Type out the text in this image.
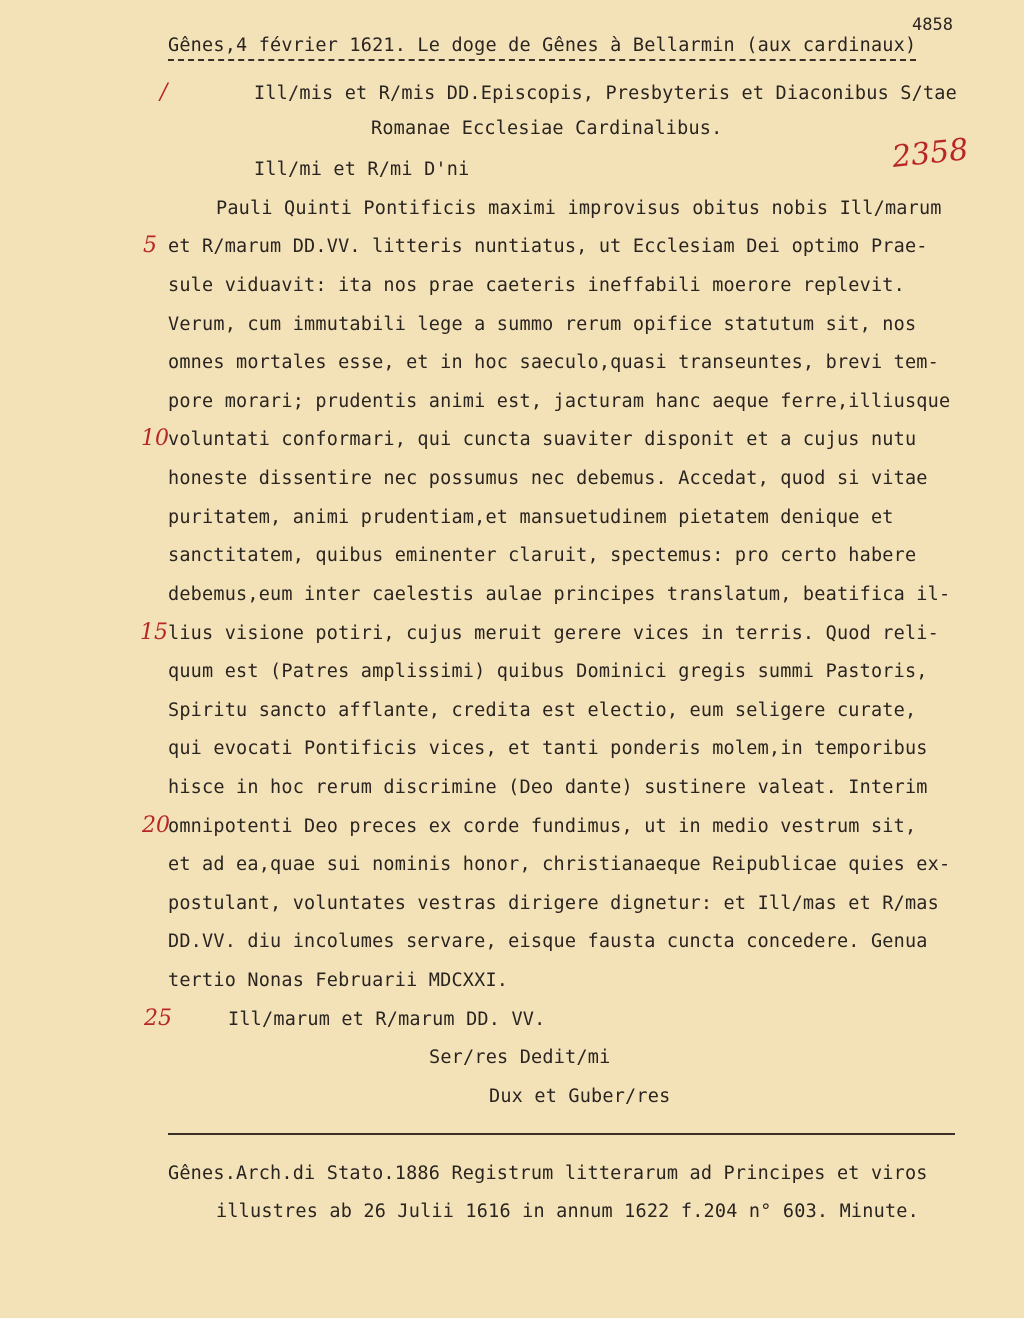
4858
Gênes,4 février 1621. Le doge de Gênes à Bellarmin (aux cardinaux)
/
5
10
15
20
25
2358
Ill/mis et R/mis DD.Episcopis, Presbyteris et Diaconibus S/tae
Romanae Ecclesiae Cardinalibus.
Ill/mi et R/mi D'ni
Pauli Quinti Pontificis maximi improvisus obitus nobis Ill/marum
et R/marum DD.VV. litteris nuntiatus, ut Ecclesiam Dei optimo Prae-
sule viduavit: ita nos prae caeteris ineffabili moerore replevit.
Verum, cum immutabili lege a summo rerum opifice statutum sit, nos
omnes mortales esse, et in hoc saeculo,quasi transeuntes, brevi tem-
pore morari; prudentis animi est, jacturam hanc aeque ferre,illiusque
voluntati conformari, qui cuncta suaviter disponit et a cujus nutu
honeste dissentire nec possumus nec debemus. Accedat, quod si vitae
puritatem, animi prudentiam,et mansuetudinem pietatem denique et
sanctitatem, quibus eminenter claruit, spectemus: pro certo habere
debemus,eum inter caelestis aulae principes translatum, beatifica il-
lius visione potiri, cujus meruit gerere vices in terris. Quod reli-
quum est (Patres amplissimi) quibus Dominici gregis summi Pastoris,
Spiritu sancto afflante, credita est electio, eum seligere curate,
qui evocati Pontificis vices, et tanti ponderis molem,in temporibus
hisce in hoc rerum discrimine (Deo dante) sustinere valeat. Interim
omnipotenti Deo preces ex corde fundimus, ut in medio vestrum sit,
et ad ea,quae sui nominis honor, christianaeque Reipublicae quies ex-
postulant, voluntates vestras dirigere dignetur: et Ill/mas et R/mas
DD.VV. diu incolumes servare, eisque fausta cuncta concedere. Genua
tertio Nonas Februarii MDCXXI.
Ill/marum et R/marum DD. VV.
Ser/res Dedit/mi
Dux et Guber/res
Gênes.Arch.di Stato.1886 Registrum litterarum ad Principes et viros
illustres ab 26 Julii 1616 in annum 1622 f.204 n° 603. Minute.
